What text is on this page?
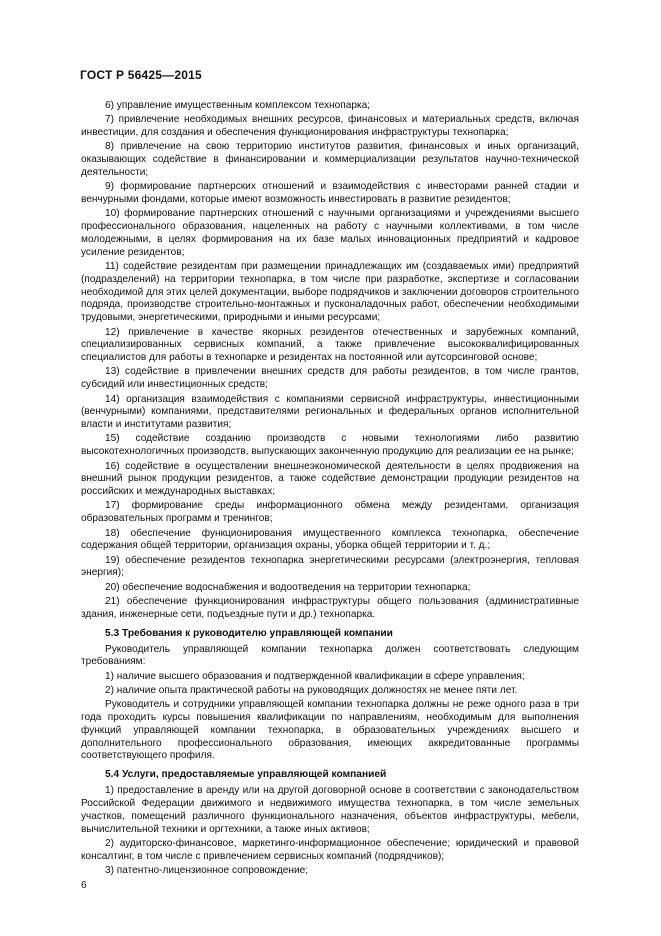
ГОСТ Р 56425—2015

6) управление имущественным комплексом технопарка;

7) привлечение необходимых внешних ресурсов, финансовых и материальных средств, включая инвестиции, для создания и обеспечения функционирования инфраструктуры технопарка;

8) привлечение на свою территорию институтов развития, финансовых и иных организаций, оказывающих содействие в финансировании и коммерциализации результатов научно-технической деятельности;

9) формирование партнерских отношений и взаимодействия с инвесторами ранней стадии и венчурными фондами, которые имеют возможность инвестировать в развитие резидентов;

10) формирование партнерских отношений с научными организациями и учреждениями высшего профессионального образования, нацеленных на работу с научными коллективами, в том числе молодежными, в целях формирования на их базе малых инновационных предприятий и кадровое усиление резидентов;

11) содействие резидентам при размещении принадлежащих им (создаваемых ими) предприятий (подразделений) на территории технопарка, в том числе при разработке, экспертизе и согласовании необходимой для этих целей документации, выборе подрядчиков и заключении договоров строительного подряда, производстве строительно-монтажных и пусконаладочных работ, обеспечении необходимыми трудовыми, энергетическими, природными и иными ресурсами;

12) привлечение в качестве якорных резидентов отечественных и зарубежных компаний, специализированных сервисных компаний, а также привлечение высококвалифицированных специалистов для работы в технопарке и резидентах на постоянной или аутсорсинговой основе;

13) содействие в привлечении внешних средств для работы резидентов, в том числе грантов, субсидий или инвестиционных средств;

14) организация взаимодействия с компаниями сервисной инфраструктуры, инвестиционными (венчурными) компаниями, представителями региональных и федеральных органов исполнительной власти и институтами развития;

15) содействие созданию производств с новыми технологиями либо развитию высокотехнологичных производств, выпускающих законченную продукцию для реализации ее на рынке;

16) содействие в осуществлении внешнеэкономической деятельности в целях продвижения на внешний рынок продукции резидентов, а также содействие демонстрации продукции резидентов на российских и международных выставках;

17) формирование среды информационного обмена между резидентами, организация образовательных программ и тренингов;

18) обеспечение функционирования имущественного комплекса технопарка, обеспечение содержания общей территории, организация охраны, уборка общей территории и т. д.;

19) обеспечение резидентов технопарка энергетическими ресурсами (электроэнергия, тепловая энергия);

20) обеспечение водоснабжения и водоотведения на территории технопарка;

21) обеспечение функционирования инфраструктуры общего пользования (административные здания, инженерные сети, подъездные пути и др.) технопарка.

5.3 Требования к руководителю управляющей компании

Руководитель управляющей компании технопарка должен соответствовать следующим требованиям:

1) наличие высшего образования и подтвержденной квалификации в сфере управления;

2) наличие опыта практической работы на руководящих должностях не менее пяти лет.

Руководитель и сотрудники управляющей компании технопарка должны не реже одного раза в три года проходить курсы повышения квалификации по направлениям, необходимым для выполнения функций управляющей компании технопарка, в образовательных учреждениях высшего и дополнительного профессионального образования, имеющих аккредитованные программы соответствующего профиля.

5.4 Услуги, предоставляемые управляющей компанией

1) предоставление в аренду или на другой договорной основе в соответствии с законодательством Российской Федерации движимого и недвижимого имущества технопарка, в том числе земельных участков, помещений различного функционального назначения, объектов инфраструктуры, мебели, вычислительной техники и оргтехники, а также иных активов;

2) аудиторско-финансовое, маркетинго-информационное обеспечение; юридический и правовой консалтинг, в том числе с привлечением сервисных компаний (подрядчиков);

3) патентно-лицензионное сопровождение;

6
